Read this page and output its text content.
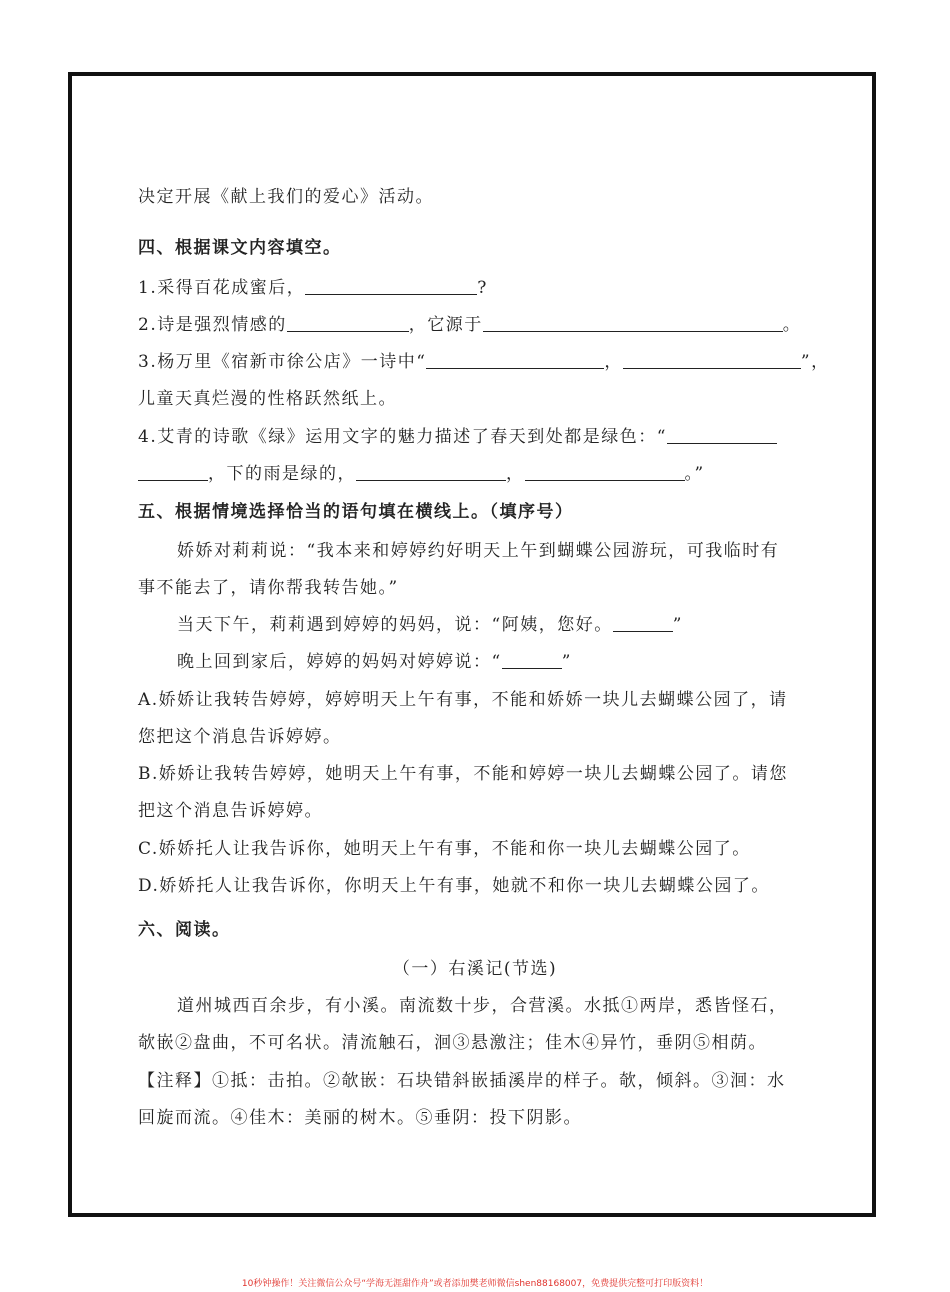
决定开展《献上我们的爱心》活动。
四、根据课文内容填空。
1.采得百花成蜜后，	?
2.诗是强烈情感的	，它源于	。
3.杨万里《宿新市徐公店》一诗中“	，	”，
儿童天真烂漫的性格跃然纸上。
4.艾青的诗歌《绿》运用文字的魅力描述了春天到处都是绿色：“
，下的雨是绿的，	，	。”
五、根据情境选择恰当的语句填在横线上。（填序号）
娇娇对莉莉说：“我本来和婷婷约好明天上午到蝴蝶公园游玩，可我临时有
事不能去了，请你帮我转告她。”
当天下午，莉莉遇到婷婷的妈妈，说：“阿姨，您好。	”
晚上回到家后，婷婷的妈妈对婷婷说：“	”
A.娇娇让我转告婷婷，婷婷明天上午有事，不能和娇娇一块儿去蝴蝶公园了，请
您把这个消息告诉婷婷。
B.娇娇让我转告婷婷，她明天上午有事，不能和婷婷一块儿去蝴蝶公园了。请您
把这个消息告诉婷婷。
C.娇娇托人让我告诉你，她明天上午有事，不能和你一块儿去蝴蝶公园了。
D.娇娇托人让我告诉你，你明天上午有事，她就不和你一块儿去蝴蝶公园了。
六、阅读。
（一）右溪记(节选)
道州城西百余步，有小溪。南流数十步，合营溪。水抵①两岸，悉皆怪石，
欹嵌②盘曲，不可名状。清流触石，洄③悬激注；佳木④异竹，垂阴⑤相荫。
【注释】①抵：击拍。②欹嵌：石块错斜嵌插溪岸的样子。欹，倾斜。③洄：水
回旋而流。④佳木：美丽的树木。⑤垂阴：投下阴影。
10秒钟操作！关注微信公众号“学海无涯甜作舟”或者添加樊老师微信shen88168007，免费提供完整可打印版资料！
